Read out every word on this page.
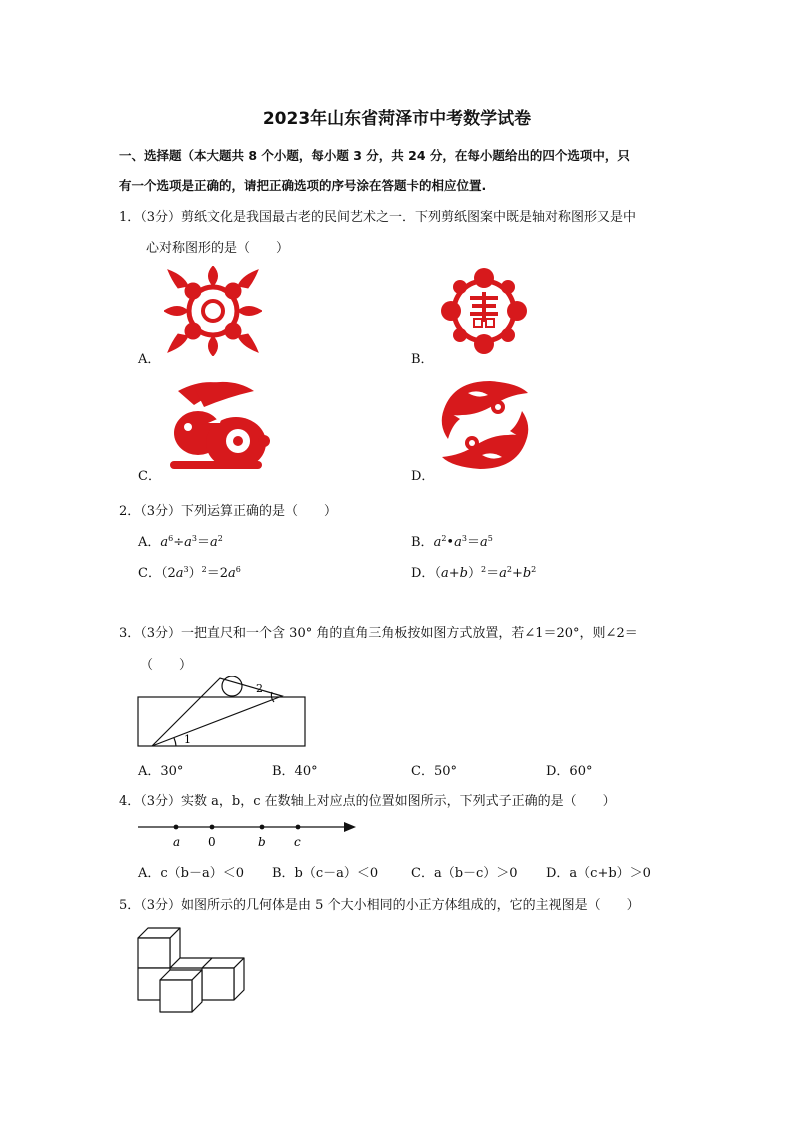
2023年山东省菏泽市中考数学试卷
一、选择题（本大题共 8 个小题，每小题 3 分，共 24 分，在每小题给出的四个选项中，只
有一个选项是正确的，请把正确选项的序号涂在答题卡的相应位置.
1．（3分）剪纸文化是我国最古老的民间艺术之一．下列剪纸图案中既是轴对称图形又是中
心对称图形的是（　　）
A．	B．
C．	D．
2．（3分）下列运算正确的是（　　）
A．$a^6\div a^3=a^2$	B．$a^2•a^3=a^5$
C．$(2a^3)^2=2a^6$	D．$(a+b)^2=a^2+b^2$
3．（3分）一把直尺和一个含 30° 角的直角三角板按如图方式放置，若∠1＝20°，则∠2＝
（　　）
1
2
A．30°	B．40°	C．50°	D．60°
4．（3分）实数 a，b，c 在数轴上对应点的位置如图所示，下列式子正确的是（　　）
a 0	b c
A．c（b－a）＜0 B．b（c－a）＜0	C．a（b－c）＞0 D．a（c+b）＞0
5．（3分）如图所示的几何体是由 5 个大小相同的小正方体组成的，它的主视图是（　　）
